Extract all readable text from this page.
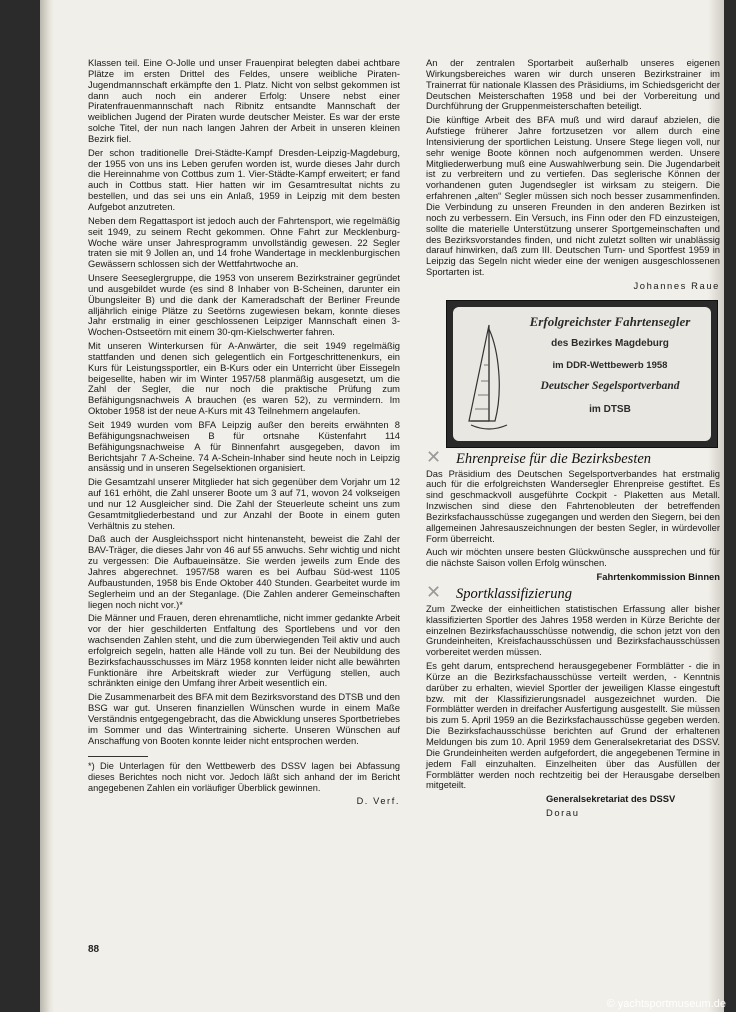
Klassen teil. Eine O-Jolle und unser Frauenpirat belegten dabei achtbare Plätze im ersten Drittel des Feldes, unsere weibliche Piraten-Jugendmannschaft erkämpfte den 1. Platz. Nicht von selbst gekommen ist dann auch noch ein anderer Erfolg: Unsere nebst einer Piratenfrauenmannschaft nach Ribnitz entsandte Mannschaft der weiblichen Jugend der Piraten wurde deutscher Meister. Es war der erste solche Titel, der nun nach langen Jahren der Arbeit in unseren kleinen Bezirk fiel.

Der schon traditionelle Drei-Städte-Kampf Dresden-Leipzig-Magdeburg, der 1955 von uns ins Leben gerufen worden ist, wurde dieses Jahr durch die Hereinnahme von Cottbus zum 1. Vier-Städte-Kampf erweitert; er fand auch in Cottbus statt. Hier hatten wir im Gesamtresultat nichts zu bestellen, und das sei uns ein Anlaß, 1959 in Leipzig mit dem besten Aufgebot anzutreten.

Neben dem Regattasport ist jedoch auch der Fahrtensport, wie regelmäßig seit 1949, zu seinem Recht gekommen. Ohne Fahrt zur Mecklenburg-Woche wäre unser Jahresprogramm unvollständig gewesen. 22 Segler traten sie mit 9 Jollen an, und 14 frohe Wandertage in mecklenburgischen Gewässern schlossen sich der Wettfahrtwoche an.

Unsere Seeseglergruppe, die 1953 von unserem Bezirkstrainer gegründet und ausgebildet wurde (es sind 8 Inhaber von B-Scheinen, darunter ein Übungsleiter B) und die dank der Kameradschaft der Berliner Freunde alljährlich einige Plätze zu Seetörns zugewiesen bekam, konnte dieses Jahr erstmalig in einer geschlossenen Leipziger Mannschaft einen 3-Wochen-Ostseetörn mit einem 30-qm-Kielschwerter fahren.

Mit unseren Winterkursen für A-Anwärter, die seit 1949 regelmäßig stattfanden und denen sich gelegentlich ein Fortgeschrittenenkurs, ein Kurs für Leistungssportler, ein B-Kurs oder ein Unterricht über Eissegeln beigesellte, haben wir im Winter 1957/58 planmäßig ausgesetzt, um die Zahl der Segler, die nur noch die praktische Prüfung zum Befähigungsnachweis A brauchen (es waren 52), zu vermindern. Im Oktober 1958 ist der neue A-Kurs mit 43 Teilnehmern angelaufen.

Seit 1949 wurden vom BFA Leipzig außer den bereits erwähnten 8 Befähigungsnachweisen B für ortsnahe Küstenfahrt 114 Befähigungsnachweise A für Binnenfahrt ausgegeben, davon im Berichtsjahr 7 A-Scheine. 74 A-Schein-Inhaber sind heute noch in Leipzig ansässig und in unseren Segelsektionen organisiert.

Die Gesamtzahl unserer Mitglieder hat sich gegenüber dem Vorjahr um 12 auf 161 erhöht, die Zahl unserer Boote um 3 auf 71, wovon 24 volkseigen und nur 12 Ausgleicher sind. Die Zahl der Steuerleute scheint uns zum Gesamtmitgliederbestand und zur Anzahl der Boote in einem guten Verhältnis zu stehen.

Daß auch der Ausgleichssport nicht hintenansteht, beweist die Zahl der BAV-Träger, die dieses Jahr von 46 auf 55 anwuchs. Sehr wichtig und nicht zu vergessen: Die Aufbaueinsätze. Sie werden jeweils zum Ende des Jahres abgerechnet. 1957/58 waren es bei Aufbau Süd-west 1105 Aufbaustunden, 1958 bis Ende Oktober 440 Stunden. Gearbeitet wurde im Seglerheim und an der Steganlage. (Die Zahlen anderer Gemeinschaften liegen noch nicht vor.)*

Die Männer und Frauen, deren ehrenamtliche, nicht immer gedankte Arbeit vor der hier geschilderten Entfaltung des Sportlebens und vor den wachsenden Zahlen steht, und die zum überwiegenden Teil aktiv und auch erfolgreich segeln, hatten alle Hände voll zu tun. Bei der Neubildung des Bezirksfachausschusses im März 1958 konnten leider nicht alle bewährten Funktionäre ihre Arbeitskraft wieder zur Verfügung stellen, auch schränkten einige den Umfang ihrer Arbeit wesentlich ein.

Die Zusammenarbeit des BFA mit dem Bezirksvorstand des DTSB und den BSG war gut. Unseren finanziellen Wünschen wurde in einem Maße Verständnis entgegengebracht, das die Abwicklung unseres Sportbetriebes im Sommer und das Wintertraining sicherte. Unseren Wünschen auf Anschaffung von Booten konnte leider nicht entsprochen werden.

*) Die Unterlagen für den Wettbewerb des DSSV lagen bei Abfassung dieses Berichtes noch nicht vor. Jedoch läßt sich anhand der im Bericht angegebenen Zahlen ein vorläufiger Überblick gewinnen.

D. Verf.

88

An der zentralen Sportarbeit außerhalb unseres eigenen Wirkungsbereiches waren wir durch unseren Bezirkstrainer im Trainerrat für nationale Klassen des Präsidiums, im Schiedsgericht der Deutschen Meisterschaften 1958 und bei der Vorbereitung und Durchführung der Gruppenmeisterschaften beteiligt.

Die künftige Arbeit des BFA muß und wird darauf abzielen, die Aufstiege früherer Jahre fortzusetzen vor allem durch eine Intensivierung der sportlichen Leistung. Unsere Stege liegen voll, nur sehr wenige Boote können noch aufgenommen werden. Unsere Mitgliederwerbung muß eine Auswahlwerbung sein. Die Jugendarbeit ist zu verbreitern und zu vertiefen. Das seglerische Können der vorhandenen guten Jugendsegler ist wirksam zu steigern. Die erfahrenen „alten“ Segler müssen sich noch besser zusammenfinden. Die Verbindung zu unseren Freunden in den anderen Bezirken ist noch zu verbessern. Ein Versuch, ins Finn oder den FD einzusteigen, sollte die materielle Unterstützung unserer Sportgemeinschaften und des Bezirksvorstandes finden, und nicht zuletzt sollten wir unablässig darauf hinwirken, daß zum III. Deutschen Turn- und Sportfest 1959 in Leipzig das Segeln nicht wieder eine der wenigen ausgeschlossenen Sportarten ist.

Johannes Raue

Erfolgreichster Fahrtensegler
des Bezirkes Magdeburg
im DDR-Wettbewerb 1958
Deutscher Segelsportverband
im DTSB
✕ Ehrenpreise für die Bezirksbesten

Das Präsidium des Deutschen Segelsportverbandes hat erstmalig auch für die erfolgreichsten Wandersegler Ehrenpreise gestiftet. Es sind geschmackvoll ausgeführte Cockpit - Plaketten aus Metall. Inzwischen sind diese den Fahrtenobleuten der betreffenden Bezirksfachausschüsse zugegangen und werden den Siegern, bei den allgemeinen Jahresauszeichnungen der besten Segler, in würdevoller Form überreicht.

Auch wir möchten unsere besten Glückwünsche aussprechen und für die nächste Saison vollen Erfolg wünschen.

Fahrtenkommission Binnen

✕ Sportklassifizierung

Zum Zwecke der einheitlichen statistischen Erfassung aller bisher klassifizierten Sportler des Jahres 1958 werden in Kürze Berichte der einzelnen Bezirksfachausschüsse notwendig, die schon jetzt von den Grundeinheiten, Kreisfachausschüssen und Bezirksfachausschüssen vorbereitet werden müssen.

Es geht darum, entsprechend herausgegebener Formblätter - die in Kürze an die Bezirksfachausschüsse verteilt werden, - Kenntnis darüber zu erhalten, wieviel Sportler der jeweiligen Klasse eingestuft bzw. mit der Klassifizierungsnadel ausgezeichnet wurden. Die Formblätter werden in dreifacher Ausfertigung ausgestellt. Sie müssen bis zum 5. April 1959 an die Bezirksfachausschüsse gegeben werden. Die Bezirksfachausschüsse berichten auf Grund der erhaltenen Meldungen bis zum 10. April 1959 dem Generalsekretariat des DSSV. Die Grundeinheiten werden aufgefordert, die angegebenen Termine in jedem Fall einzuhalten. Einzelheiten über das Ausfüllen der Formblätter werden noch rechtzeitig bei der Herausgabe derselben mitgeteilt.

Generalsekretariat des DSSV

Dorau

© yachtsportmuseum.de
